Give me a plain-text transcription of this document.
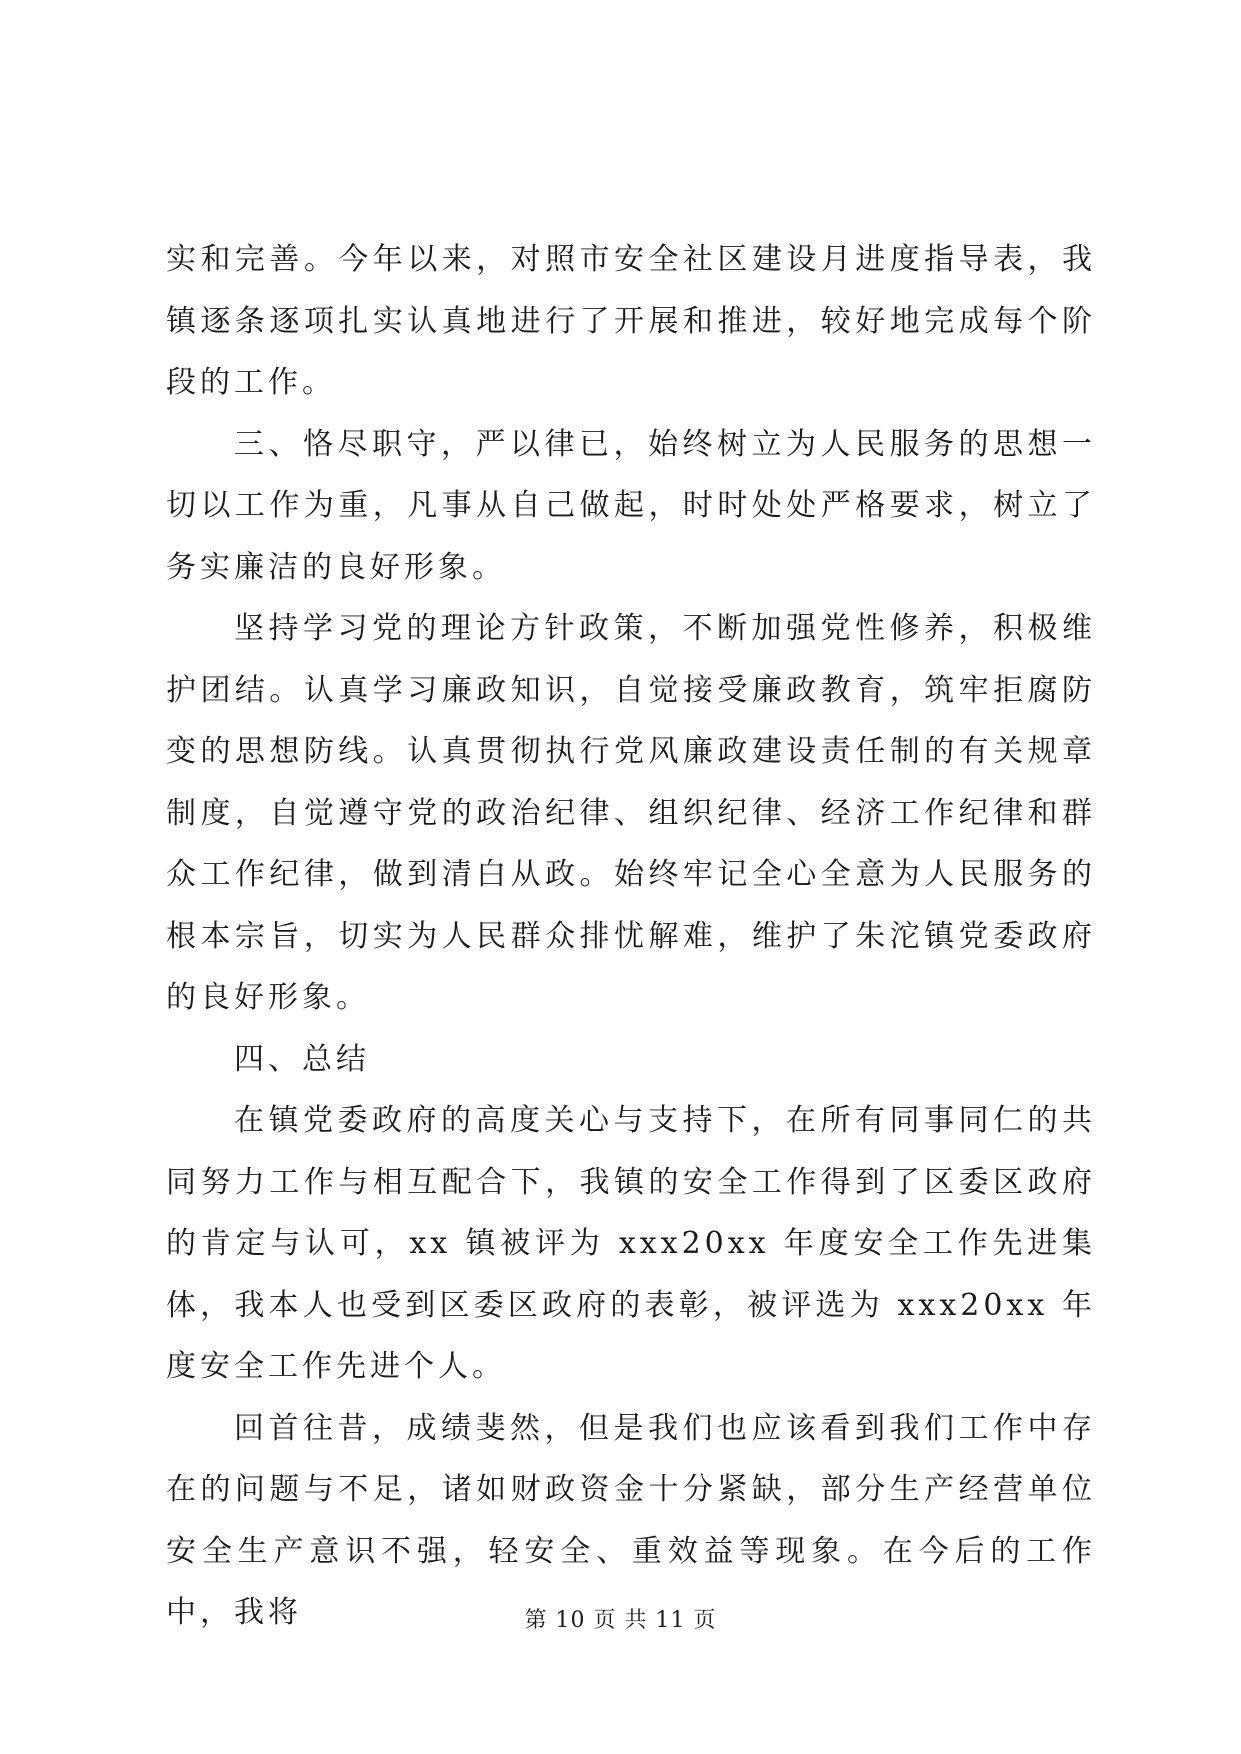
实和完善。今年以来，对照市安全社区建设月进度指导表，我镇逐条逐项扎实认真地进行了开展和推进，较好地完成每个阶段的工作。

三、恪尽职守，严以律已，始终树立为人民服务的思想一切以工作为重，凡事从自己做起，时时处处严格要求，树立了务实廉洁的良好形象。

坚持学习党的理论方针政策，不断加强党性修养，积极维护团结。认真学习廉政知识，自觉接受廉政教育，筑牢拒腐防变的思想防线。认真贯彻执行党风廉政建设责任制的有关规章制度，自觉遵守党的政治纪律、组织纪律、经济工作纪律和群众工作纪律，做到清白从政。始终牢记全心全意为人民服务的根本宗旨，切实为人民群众排忧解难，维护了朱沱镇党委政府的良好形象。

四、总结

在镇党委政府的高度关心与支持下，在所有同事同仁的共同努力工作与相互配合下，我镇的安全工作得到了区委区政府的肯定与认可，xx 镇被评为 xxx20xx 年度安全工作先进集体，我本人也受到区委区政府的表彰，被评选为 xxx20xx 年度安全工作先进个人。

回首往昔，成绩斐然，但是我们也应该看到我们工作中存在的问题与不足，诸如财政资金十分紧缺，部分生产经营单位安全生产意识不强，轻安全、重效益等现象。在今后的工作中，我将	第 10 页 共 11 页
